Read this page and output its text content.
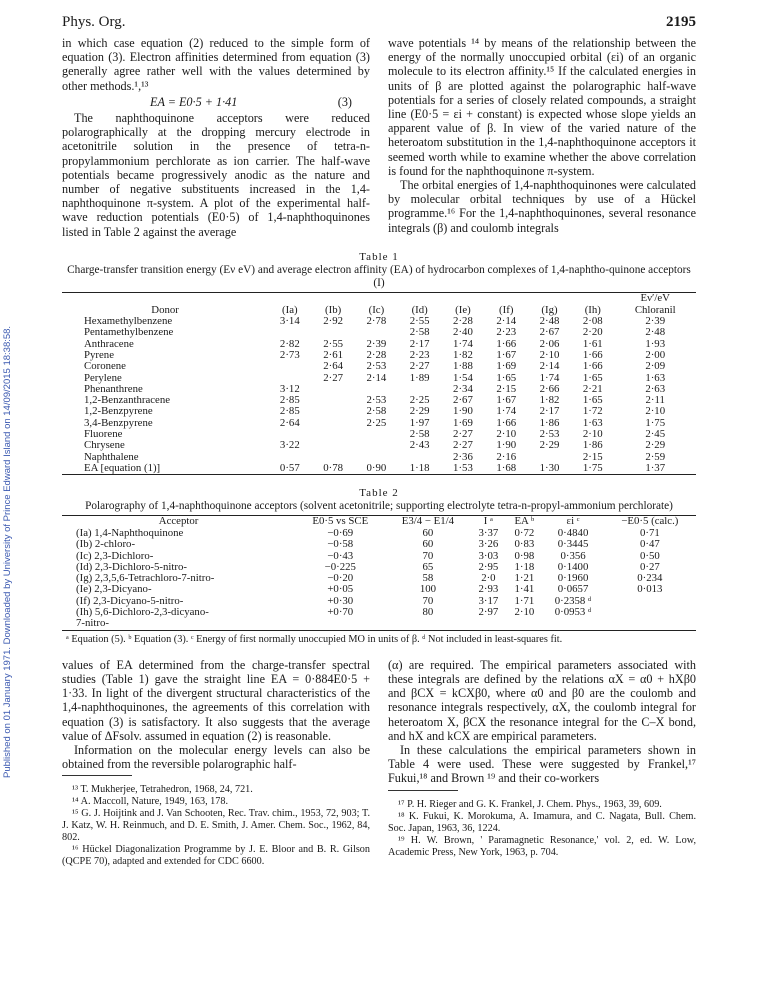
Published on 01 January 1971. Downloaded by University of Prince Edward Island on 14/09/2015 18:38:58.
Phys. Org.	2195

in which case equation (2) reduced to the simple form of equation (3). Electron affinities determined from equation (3) generally agree rather well with the values determined by other methods.¹,¹³

EA = E0·5 + 1·41	(3)

The naphthoquinone acceptors were reduced polarographically at the dropping mercury electrode in acetonitrile solution in the presence of tetra-n-propylammonium perchlorate as ion carrier. The half-wave potentials became progressively anodic as the nature and number of negative substituents increased in the 1,4-naphthoquinone π-system. A plot of the experimental half-wave reduction potentials (E0·5) of 1,4-naphthoquinones listed in Table 2 against the average

wave potentials ¹⁴ by means of the relationship between the energy of the normally unoccupied orbital (εi) of an organic molecule to its electron affinity.¹⁵ If the calculated energies in units of β are plotted against the polarographic half-wave potentials for a series of closely related compounds, a straight line (E0·5 = εi + constant) is expected whose slope yields an apparent value of β. In view of the varied nature of the heteroatom substitution in the 1,4-naphthoquinone acceptors it seemed worth while to examine whether the above correlation is found for the naphthoquinone π-system.

The orbital energies of 1,4-naphthoquinones were calculated by molecular orbital techniques by use of a Hückel programme.¹⁶ For the 1,4-naphthoquinones, several resonance integrals (β) and coulomb integrals

Table 1
Charge-transfer transition energy (Eν eV) and average electron affinity (EA) of hydrocarbon complexes of 1,4-naphtho-quinone acceptors (I)
									Eν′/eV
Donor	(Ia)	(Ib)	(Ic)	(Id)	(Ie)	(If)	(Ig)	(Ih)	Chloranil
Hexamethylbenzene	3·14	2·92	2·78	2·55	2·28	2·14	2·48	2·08	2·39
Pentamethylbenzene				2·58	2·40	2·23	2·67	2·20	2·48
Anthracene	2·82	2·55	2·39	2·17	1·74	1·66	2·06	1·61	1·93
Pyrene	2·73	2·61	2·28	2·23	1·82	1·67	2·10	1·66	2·00
Coronene		2·64	2·53	2·27	1·88	1·69	2·14	1·66	2·09
Perylene		2·27	2·14	1·89	1·54	1·65	1·74	1·65	1·63
Phenanthrene	3·12				2·34	2·15	2·66	2·21	2·63
1,2-Benzanthracene	2·85		2·53	2·25	2·67	1·67	1·82	1·65	2·11
1,2-Benzpyrene	2·85		2·58	2·29	1·90	1·74	2·17	1·72	2·10
3,4-Benzpyrene	2·64		2·25	1·97	1·69	1·66	1·86	1·63	1·75
Fluorene				2·58	2·27	2·10	2·53	2·10	2·45
Chrysene	3·22			2·43	2·27	1·90	2·29	1·86	2·29
Naphthalene					2·36	2·16		2·15	2·59
EA [equation (1)]	0·57	0·78	0·90	1·18	1·53	1·68	1·30	1·75	1·37
Table 2
Polarography of 1,4-naphthoquinone acceptors (solvent acetonitrile; supporting electrolyte tetra-n-propyl-ammonium perchlorate)
Acceptor	E0·5 vs SCE	E3/4 − E1/4	I ᵃ	EA ᵇ	εi ᶜ	−E0·5 (calc.)
(Ia) 1,4-Naphthoquinone	−0·69	60	3·37	0·72	0·4840	0·71
(Ib) 2-chloro-	−0·58	60	3·26	0·83	0·3445	0·47
(Ic) 2,3-Dichloro-	−0·43	70	3·03	0·98	0·356	0·50
(Id) 2,3-Dichloro-5-nitro-	−0·225	65	2·95	1·18	0·1400	0·27
(Ig) 2,3,5,6-Tetrachloro-7-nitro-	−0·20	58	2·0	1·21	0·1960	0·234
(Ie) 2,3-Dicyano-	+0·05	100	2·93	1·41	0·0657	0·013
(If) 2,3-Dicyano-5-nitro-	+0·30	70	3·17	1·71	0·2358 ᵈ	
(Ih) 5,6-Dichloro-2,3-dicyano-	+0·70	80	2·97	2·10	0·0953 ᵈ	
7-nitro-						
ᵃ Equation (5). ᵇ Equation (3). ᶜ Energy of first normally unoccupied MO in units of β. ᵈ Not included in least-squares fit.

values of EA determined from the charge-transfer spectral studies (Table 1) gave the straight line EA = 0·884E0·5 + 1·33. In light of the divergent structural characteristics of the 1,4-naphthoquinones, the agreements of this correlation with equation (3) is satisfactory. It also suggests that the average value of ΔFsolv. assumed in equation (2) is reasonable.

Information on the molecular energy levels can also be obtained from the reversible polarographic half-

¹³ T. Mukherjee, Tetrahedron, 1968, 24, 721.

¹⁴ A. Maccoll, Nature, 1949, 163, 178.

¹⁵ G. J. Hoijtink and J. Van Schooten, Rec. Trav. chim., 1953, 72, 903; T. J. Katz, W. H. Reinmuch, and D. E. Smith, J. Amer. Chem. Soc., 1962, 84, 802.

¹⁶ Hückel Diagonalization Programme by J. E. Bloor and B. R. Gilson (QCPE 70), adapted and extended for CDC 6600.

(α) are required. The empirical parameters associated with these integrals are defined by the relations αX = α0 + hXβ0 and βCX = kCXβ0, where α0 and β0 are the coulomb and resonance integrals respectively, αX, the coulomb integral for heteroatom X, βCX the resonance integral for the C–X bond, and hX and kCX are empirical parameters.

In these calculations the empirical parameters shown in Table 4 were used. These were suggested by Frankel,¹⁷ Fukui,¹⁸ and Brown ¹⁹ and their co-workers

¹⁷ P. H. Rieger and G. K. Frankel, J. Chem. Phys., 1963, 39, 609.

¹⁸ K. Fukui, K. Morokuma, A. Imamura, and C. Nagata, Bull. Chem. Soc. Japan, 1963, 36, 1224.

¹⁹ H. W. Brown, ' Paramagnetic Resonance,' vol. 2, ed. W. Low, Academic Press, New York, 1963, p. 704.
